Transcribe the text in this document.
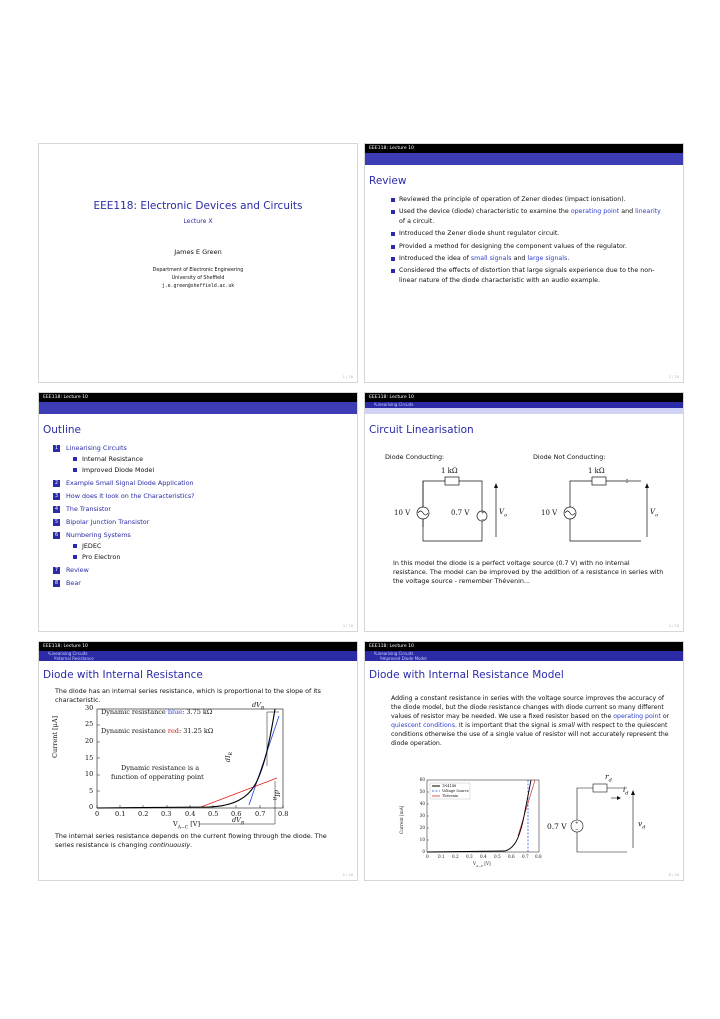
EEE118: Electronic Devices and Circuits
Lecture X
James E Green
Department of Electronic Engineering
University of Sheffield
j.e.green@sheffield.ac.uk
1 / 28
EEE118: Lecture 10
Review
Reviewed the principle of operation of Zener diodes (impact ionisation).
Used the device (diode) characteristic to examine the operating point and linearity of a circuit.
Introduced the Zener diode shunt regulator circuit.
Provided a method for designing the component values of the regulator.
Introduced the idea of small signals and large signals.
Considered the effects of distortion that large signals experience due to the non-linear nature of the diode characteristic with an audio example.
2 / 28
EEE118: Lecture 10
Outline
1	Linearising Circuits
Internal Resistance
Improved Diode Model
2	Example Small Signal Diode Application
3	How does it look on the Characteristics?
4	The Transistor
5	Bipolar Junction Transistor
6	Numbering Systems
JEDEC
Pro Electron
7	Review
8	Bear
3 / 28
EEE118: Lecture 10
└Linearising Circuits
Circuit Linearisation
Diode Conducting:	Diode Not Conducting:
+
−
1 kΩ	1 kΩ
10 V	0.7 V	$V_o$	10 V	$V_o$
In this model the diode is a perfect voltage source (0.7 V) with no internal resistance. The model can be improved by the addition of a resistance in series with the voltage source - remember Thévenin...
4 / 28
EEE118: Lecture 10
└Linearising Circuits
└Internal Resistance
Diode with Internal Resistance
The diode has an internal series resistance, which is proportional to the slope of its characteristic.
30
25
20
15
10
5
0
0 0.1 0.2 0.3 0.4 0.5 0.6 0.7 0.8
Current [μA]
$V_{A-C}$ [V]
Dynamic resistance blue: 3.75 kΩ
Dynamic resistance red: 31.25 kΩ
Dynamic resistance is a
function of opperating point
$dV_R$
$dI_R$
$dV_R$
$dI_R$
The internal series resistance depends on the current flowing through the diode. The series resistance is changing continuously.
5 / 28
EEE118: Lecture 10
└Linearising Circuits
└Improved Diode Model
Diode with Internal Resistance Model
Adding a constant resistance in series with the voltage source improves the accuracy of the diode model, but the diode resistance changes with diode current so many different values of resistor may be needed. We use a fixed resistor based on the operating point or quiescent conditions. It is important that the signal is small with respect to the quiescent conditions otherwise the use of a single value of resistor will not accurately represent the diode operation.
+
−
1N4148
Voltage Source
Thévenin
60
50
40
30
20
10
0
0 0.1 0.2 0.3 0.4 0.5 0.6 0.7 0.8
Current [mA]
$V_{A-C}$ [V]
$r_d$
$i_d$
0.7 V	$v_d$
6 / 28
